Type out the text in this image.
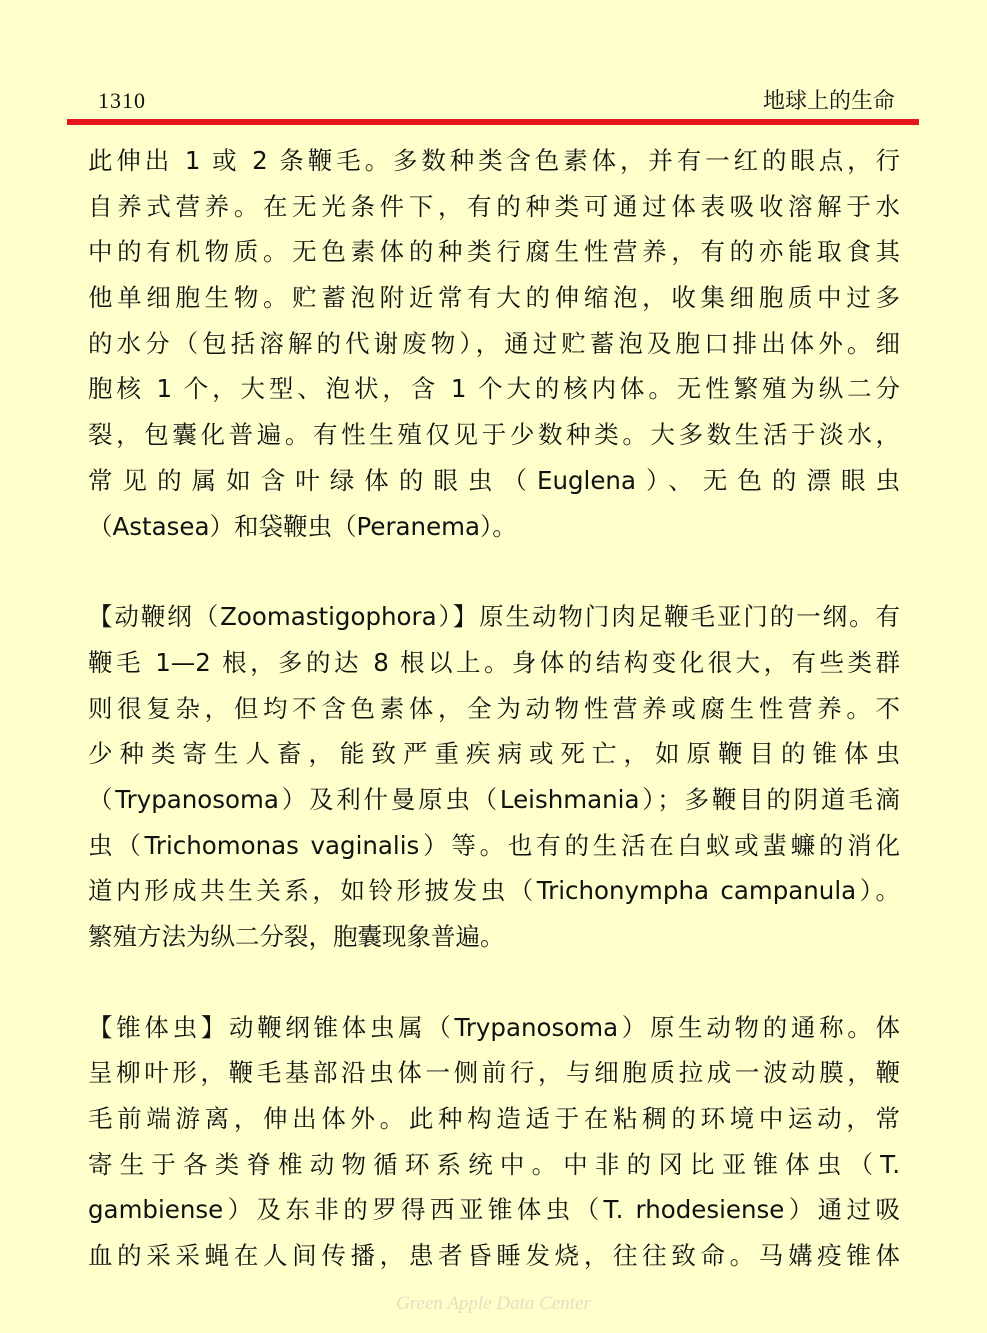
1310	地球上的生命
此伸出 1 或 2 条鞭毛。多数种类含色素体，并有一红的眼点，行
自养式营养。在无光条件下，有的种类可通过体表吸收溶解于水
中的有机物质。无色素体的种类行腐生性营养，有的亦能取食其
他单细胞生物。贮蓄泡附近常有大的伸缩泡，收集细胞质中过多
的水分（包括溶解的代谢废物），通过贮蓄泡及胞口排出体外。细
胞核 1 个，大型、泡状，含 1 个大的核内体。无性繁殖为纵二分
裂，包囊化普遍。有性生殖仅见于少数种类。大多数生活于淡水，
常见的属如含叶绿体的眼虫（Euglena）、无色的漂眼虫
（Astasea）和袋鞭虫（Peranema）。
【动鞭纲（Zoomastigophora）】原生动物门肉足鞭毛亚门的一纲。有
鞭毛 1—2 根，多的达 8 根以上。身体的结构变化很大，有些类群
则很复杂，但均不含色素体，全为动物性营养或腐生性营养。不
少种类寄生人畜，能致严重疾病或死亡，如原鞭目的锥体虫
（Trypanosoma）及利什曼原虫（Leishmania）；多鞭目的阴道毛滴
虫（Trichomonas vaginalis）等。也有的生活在白蚁或蜚蠊的消化
道内形成共生关系，如铃形披发虫（Trichonympha campanula）。
繁殖方法为纵二分裂，胞囊现象普遍。
【锥体虫】动鞭纲锥体虫属（Trypanosoma）原生动物的通称。体
呈柳叶形，鞭毛基部沿虫体一侧前行，与细胞质拉成一波动膜，鞭
毛前端游离，伸出体外。此种构造适于在粘稠的环境中运动，常
寄生于各类脊椎动物循环系统中。中非的冈比亚锥体虫（T.
gambiense）及东非的罗得西亚锥体虫（T. rhodesiense）通过吸
血的采采蝇在人间传播，患者昏睡发烧，往往致命。马媾疫锥体
Green Apple Data Center
